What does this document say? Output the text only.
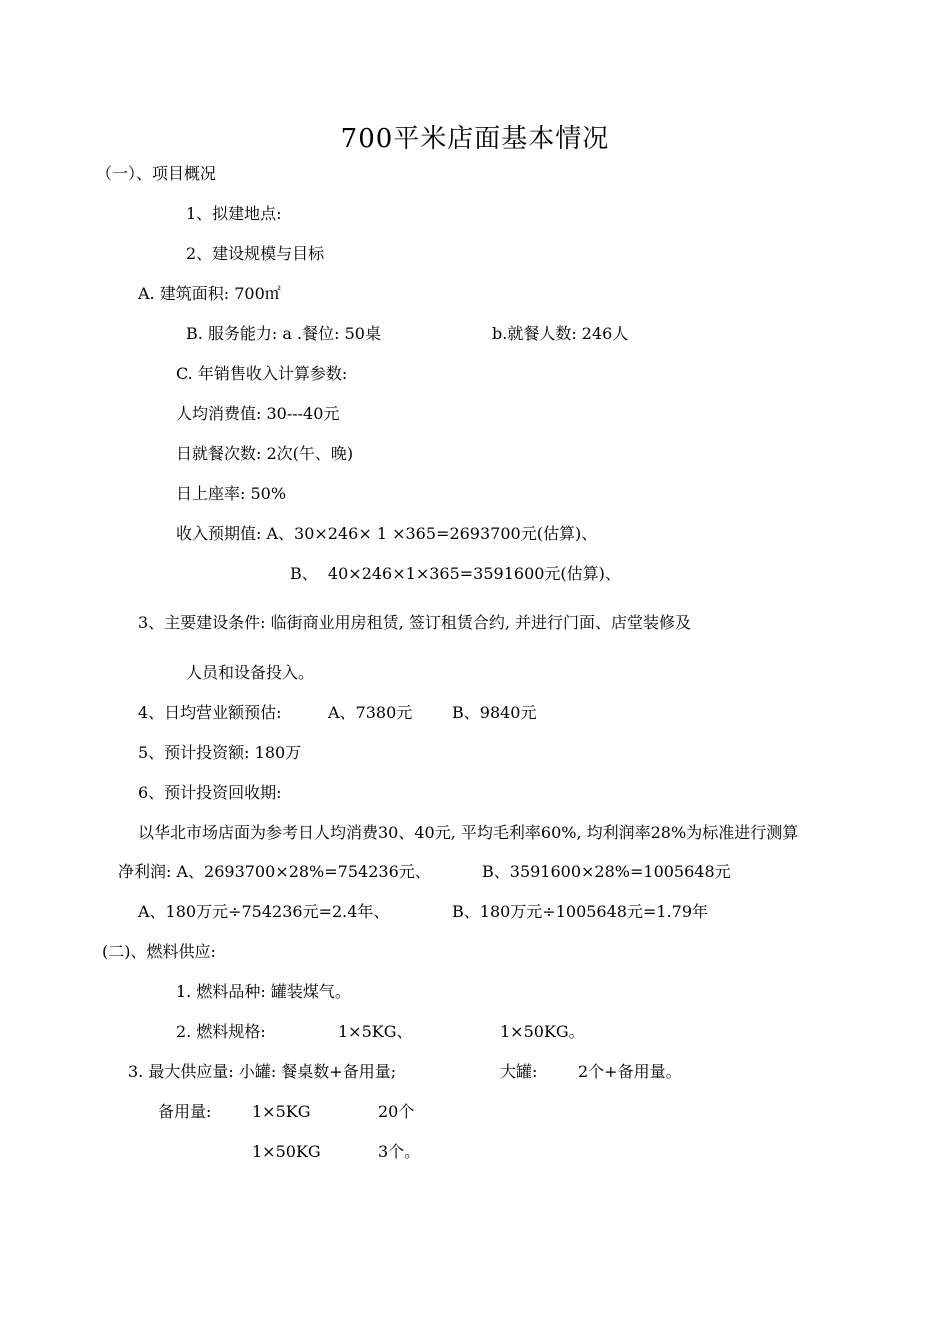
700平米店面基本情况
（一）、项目概况
1、拟建地点:
2、建设规模与目标
A. 建筑面积: 700㎡
B. 服务能力: a .餐位: 50桌	b.就餐人数: 246人
C. 年销售收入计算参数:
人均消费值: 30---40元
日就餐次数: 2次(午、晚)
日上座率: 50%
收入预期值: A、30×246× 1 ×365=2693700元(估算)、
B、  40×246×1×365=3591600元(估算)、
3、主要建设条件: 临街商业用房租赁, 签订租赁合约, 并进行门面、店堂装修及
人员和设备投入。
4、日均营业额预估:	A、7380元 B、9840元
5、预计投资额: 180万
6、预计投资回收期:
以华北市场店面为参考日人均消费30、40元, 平均毛利率60%, 均利润率28%为标准进行测算
净利润: A、2693700×28%=754236元、	B、3591600×28%=1005648元
A、180万元÷754236元=2.4年、	B、180万元÷1005648元=1.79年
(二)、燃料供应:
1. 燃料品种: 罐装煤气。
2. 燃料规格:	1×5KG、	1×50KG。
3. 最大供应量: 小罐: 餐桌数+备用量;	大罐:	2个+备用量。
备用量:	1×5KG	20个
1×50KG	3个。
